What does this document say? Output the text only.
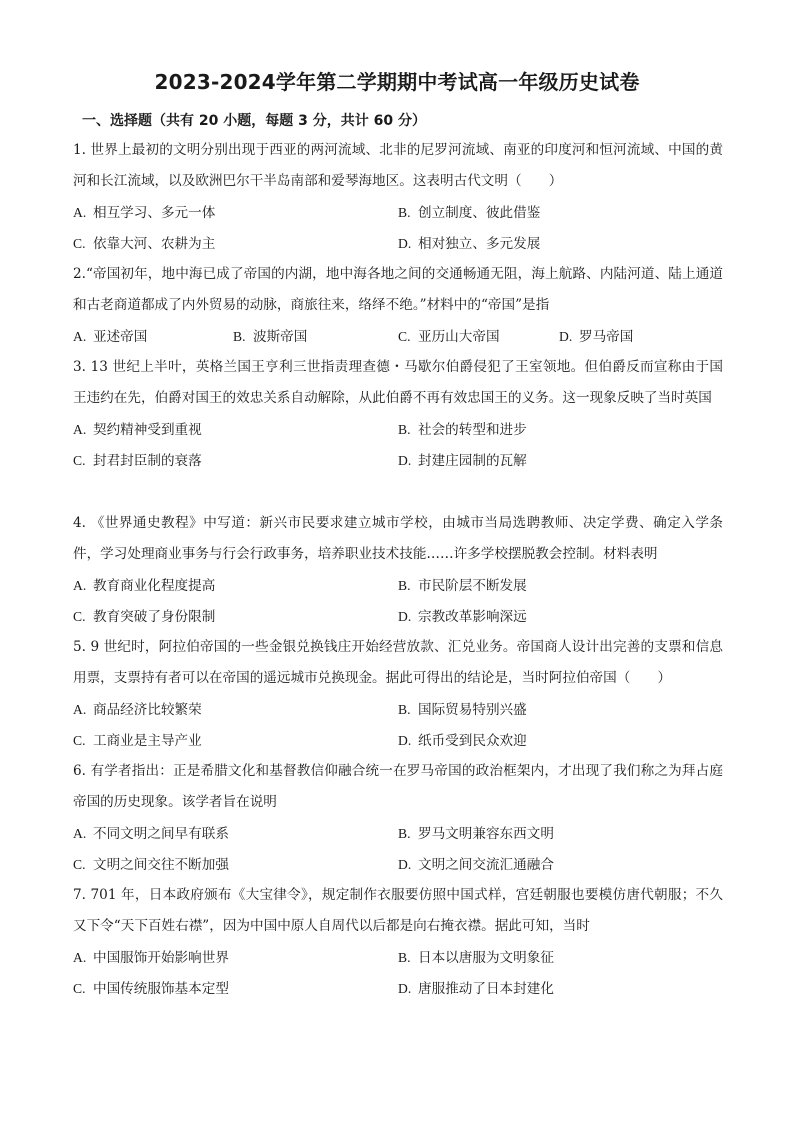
2023-2024学年第二学期期中考试高一年级历史试卷
一、选择题（共有 20 小题，每题 3 分，共计 60 分）
1. 世界上最初的文明分别出现于西亚的两河流域、北非的尼罗河流域、南亚的印度河和恒河流域、中国的黄河和长江流域，以及欧洲巴尔干半岛南部和爱琴海地区。这表明古代文明（　　）
A. 相互学习、多元一体	B. 创立制度、彼此借鉴
C. 依靠大河、农耕为主	D. 相对独立、多元发展
2.“帝国初年，地中海已成了帝国的内湖，地中海各地之间的交通畅通无阻，海上航路、内陆河道、陆上通道和古老商道都成了内外贸易的动脉，商旅往来，络绎不绝。”材料中的“帝国”是指
A. 亚述帝国	B. 波斯帝国	C. 亚历山大帝国	D. 罗马帝国
3. 13 世纪上半叶，英格兰国王亨利三世指责理查德・马歇尔伯爵侵犯了王室领地。但伯爵反而宣称由于国王违约在先，伯爵对国王的效忠关系自动解除，从此伯爵不再有效忠国王的义务。这一现象反映了当时英国
A. 契约精神受到重视	B. 社会的转型和进步
C. 封君封臣制的衰落	D. 封建庄园制的瓦解
4. 《世界通史教程》中写道：新兴市民要求建立城市学校，由城市当局选聘教师、决定学费、确定入学条件，学习处理商业事务与行会行政事务，培养职业技术技能……许多学校摆脱教会控制。材料表明
A. 教育商业化程度提高	B. 市民阶层不断发展
C. 教育突破了身份限制	D. 宗教改革影响深远
5. 9 世纪时，阿拉伯帝国的一些金银兑换钱庄开始经营放款、汇兑业务。帝国商人设计出完善的支票和信息用票，支票持有者可以在帝国的遥远城市兑换现金。据此可得出的结论是，当时阿拉伯帝国（　　）
A. 商品经济比较繁荣	B. 国际贸易特别兴盛
C. 工商业是主导产业	D. 纸币受到民众欢迎
6. 有学者指出：正是希腊文化和基督教信仰融合统一在罗马帝国的政治框架内，才出现了我们称之为拜占庭帝国的历史现象。该学者旨在说明
A. 不同文明之间早有联系	B. 罗马文明兼容东西文明
C. 文明之间交往不断加强	D. 文明之间交流汇通融合
7. 701 年，日本政府颁布《大宝律令》，规定制作衣服要仿照中国式样，宫廷朝服也要模仿唐代朝服；不久又下令“天下百姓右襟”，因为中国中原人自周代以后都是向右掩衣襟。据此可知，当时
A. 中国服饰开始影响世界	B. 日本以唐服为文明象征
C. 中国传统服饰基本定型	D. 唐服推动了日本封建化
